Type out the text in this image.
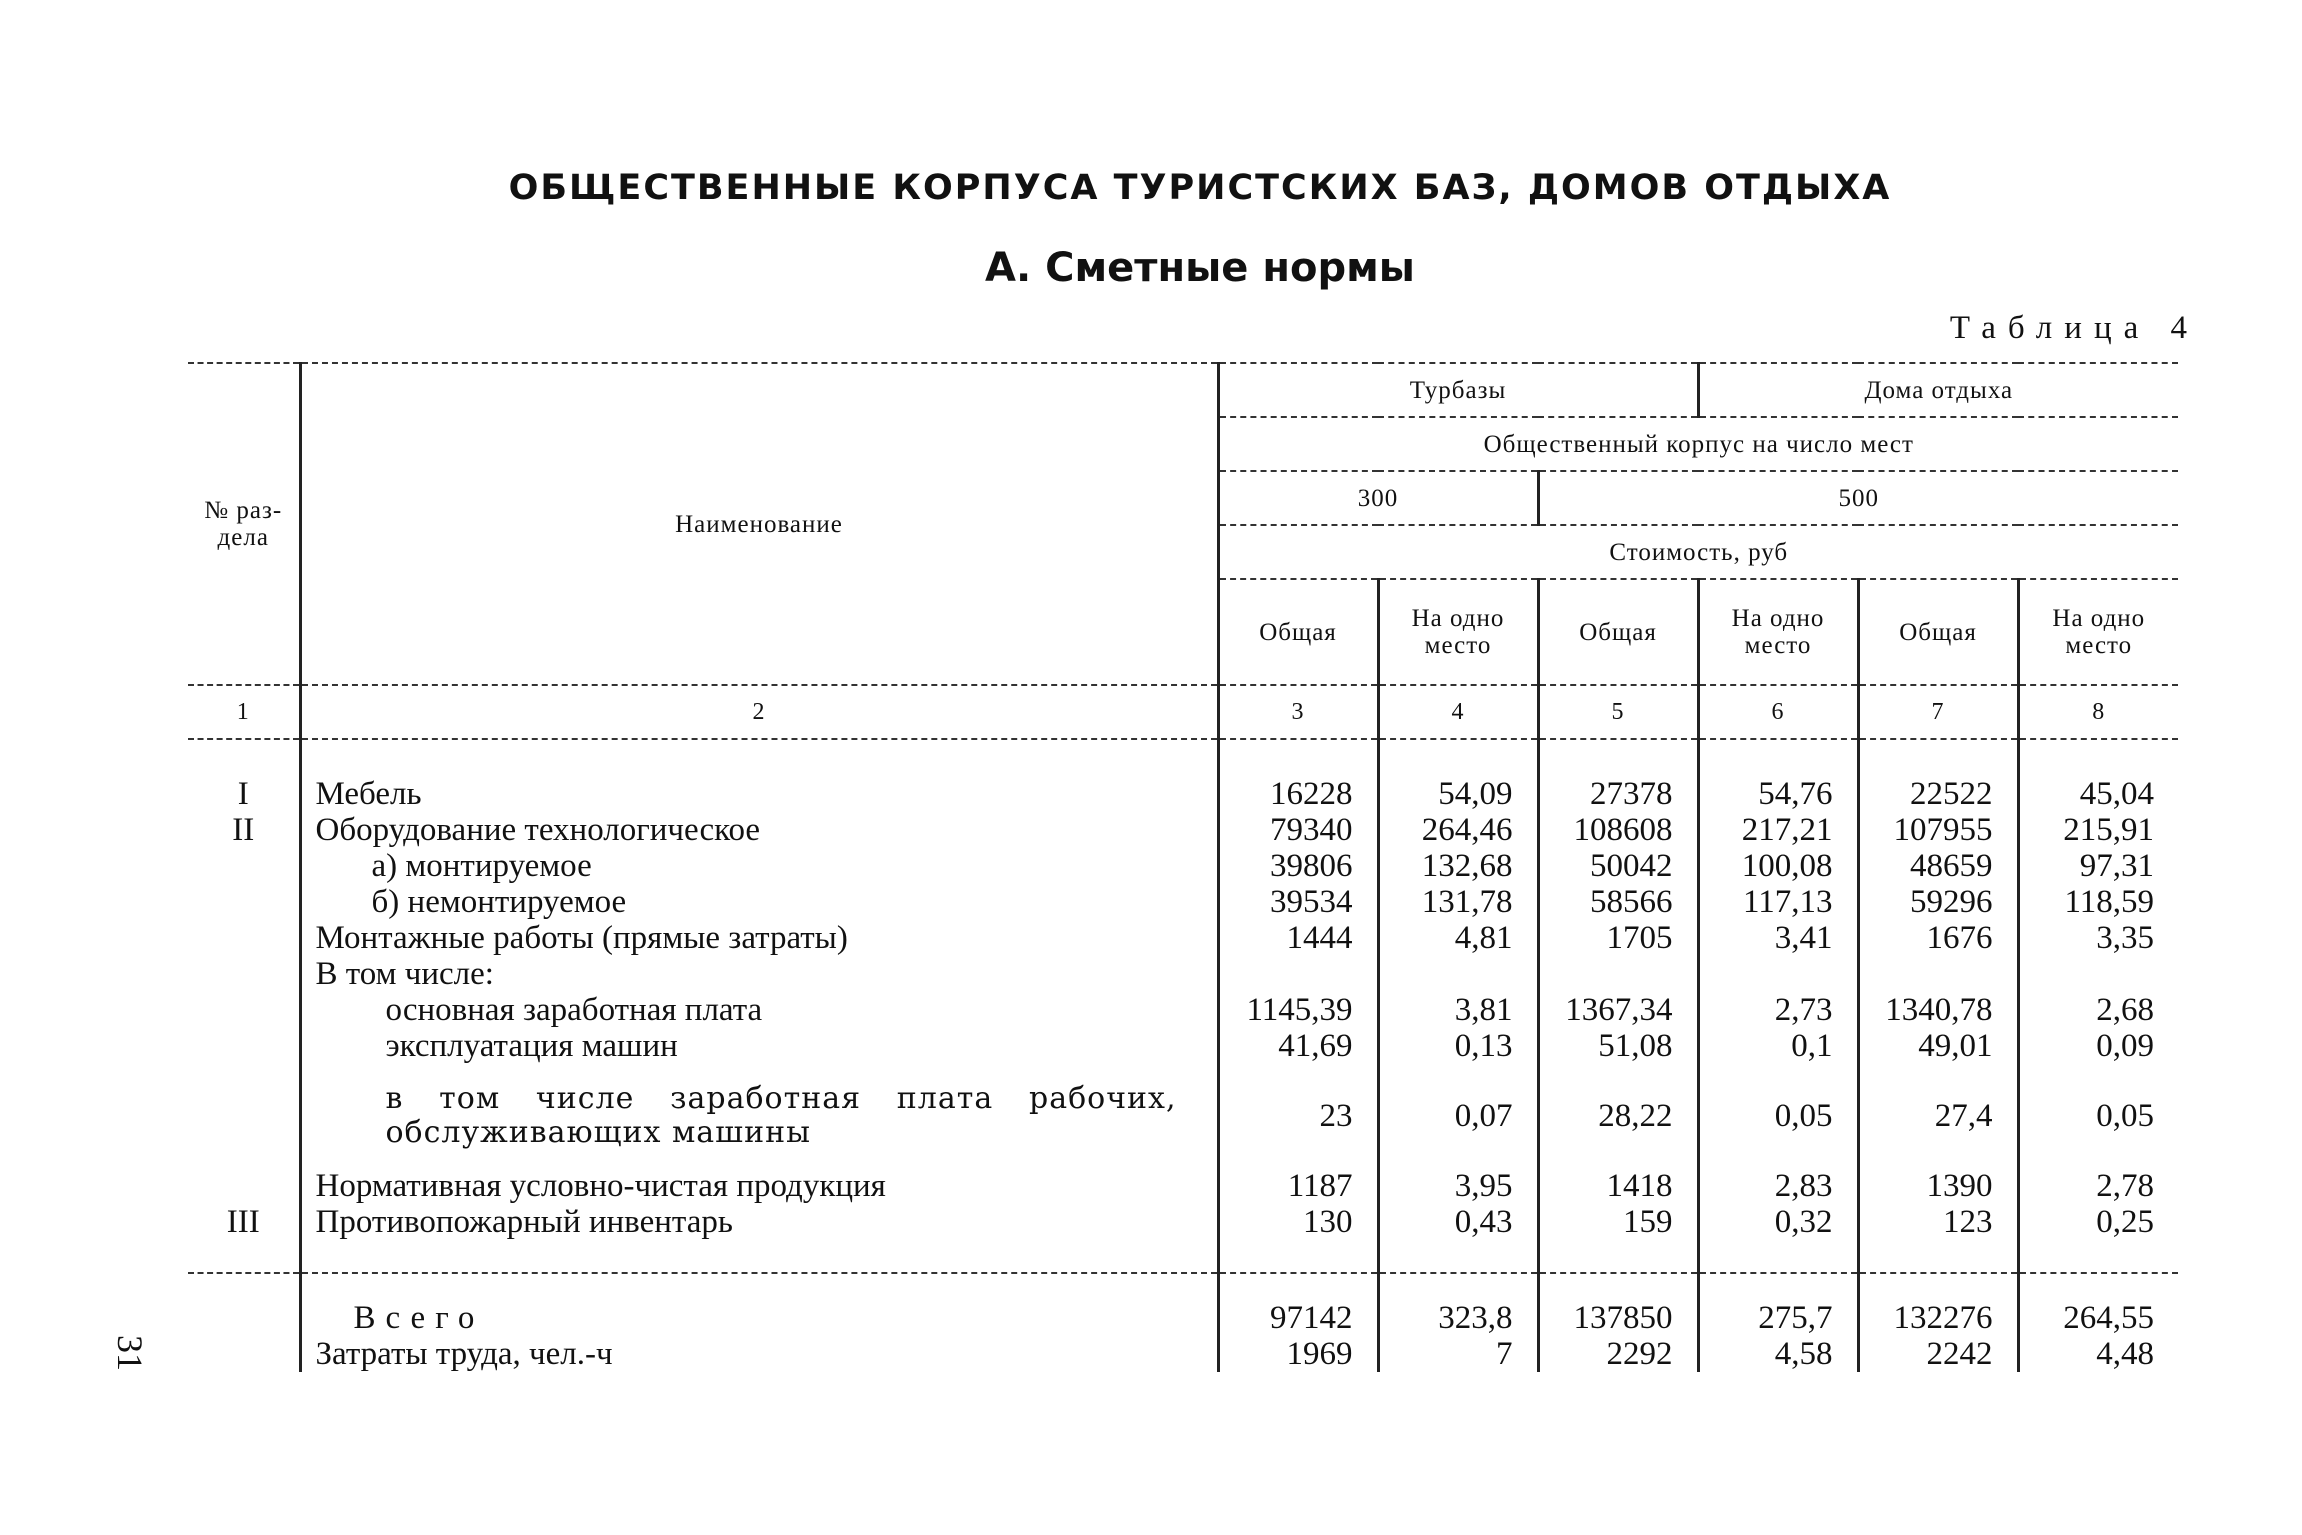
ОБЩЕСТВЕННЫЕ КОРПУСА ТУРИСТСКИХ БАЗ, ДОМОВ ОТДЫХА
А. Сметные нормы
Таблица 4
31
№ раз- дела	Наименование	Турбазы			Дома отдыха		
		Общественный корпус на число мест					
		300		500			
		Стоимость, руб					
		Общая	На одно место	Общая	На одно место	Общая	На одно место
1	2	3	4	5	6	7	8
I	Мебель	16228	54,09	27378	54,76	22522	45,04
II	Оборудование технологическое	79340	264,46	108608	217,21	107955	215,91
	а) монтируемое	39806	132,68	50042	100,08	48659	97,31
	б) немонтируемое	39534	131,78	58566	117,13	59296	118,59
	Монтажные работы (прямые затраты)	1444	4,81	1705	3,41	1676	3,35
	В том числе:						
	основная заработная плата	1145,39	3,81	1367,34	2,73	1340,78	2,68
	эксплуатация машин	41,69	0,13	51,08	0,1	49,01	0,09
	в том числе заработная плата рабочих, обслуживающих машины	23	0,07	28,22	0,05	27,4	0,05
	Нормативная условно-чистая продукция	1187	3,95	1418	2,83	1390	2,78
III	Противопожарный инвентарь	130	0,43	159	0,32	123	0,25
	Всего	97142	323,8	137850	275,7	132276	264,55
	Затраты труда, чел.-ч	1969	7	2292	4,58	2242	4,48
